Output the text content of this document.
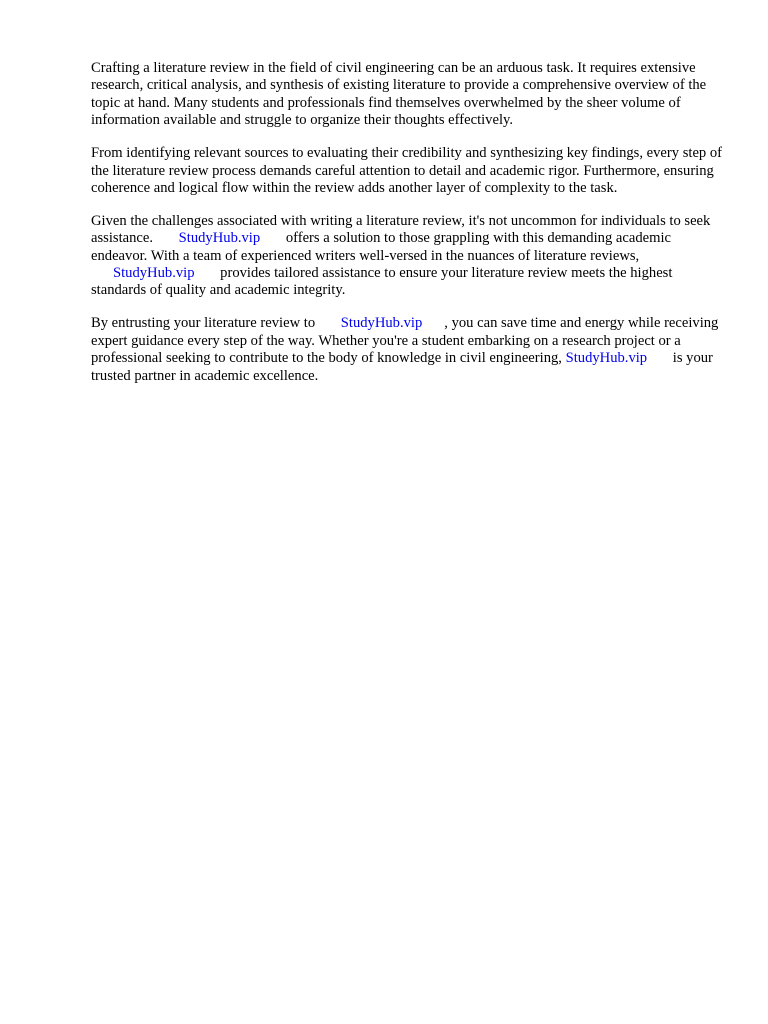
Crafting a literature review in the field of civil engineering can be an arduous task. It requires extensive research, critical analysis, and synthesis of existing literature to provide a comprehensive overview of the topic at hand. Many students and professionals find themselves overwhelmed by the sheer volume of information available and struggle to organize their thoughts effectively.

From identifying relevant sources to evaluating their credibility and synthesizing key findings, every step of the literature review process demands careful attention to detail and academic rigor. Furthermore, ensuring coherence and logical flow within the review adds another layer of complexity to the task.

Given the challenges associated with writing a literature review, it's not uncommon for individuals to seek assistance. StudyHub.vip offers a solution to those grappling with this demanding academic endeavor. With a team of experienced writers well-versed in the nuances of literature reviews, StudyHub.vip provides tailored assistance to ensure your literature review meets the highest standards of quality and academic integrity.

By entrusting your literature review to StudyHub.vip , you can save time and energy while receiving expert guidance every step of the way. Whether you're a student embarking on a research project or a professional seeking to contribute to the body of knowledge in civil engineering, StudyHub.vip is your trusted partner in academic excellence.
